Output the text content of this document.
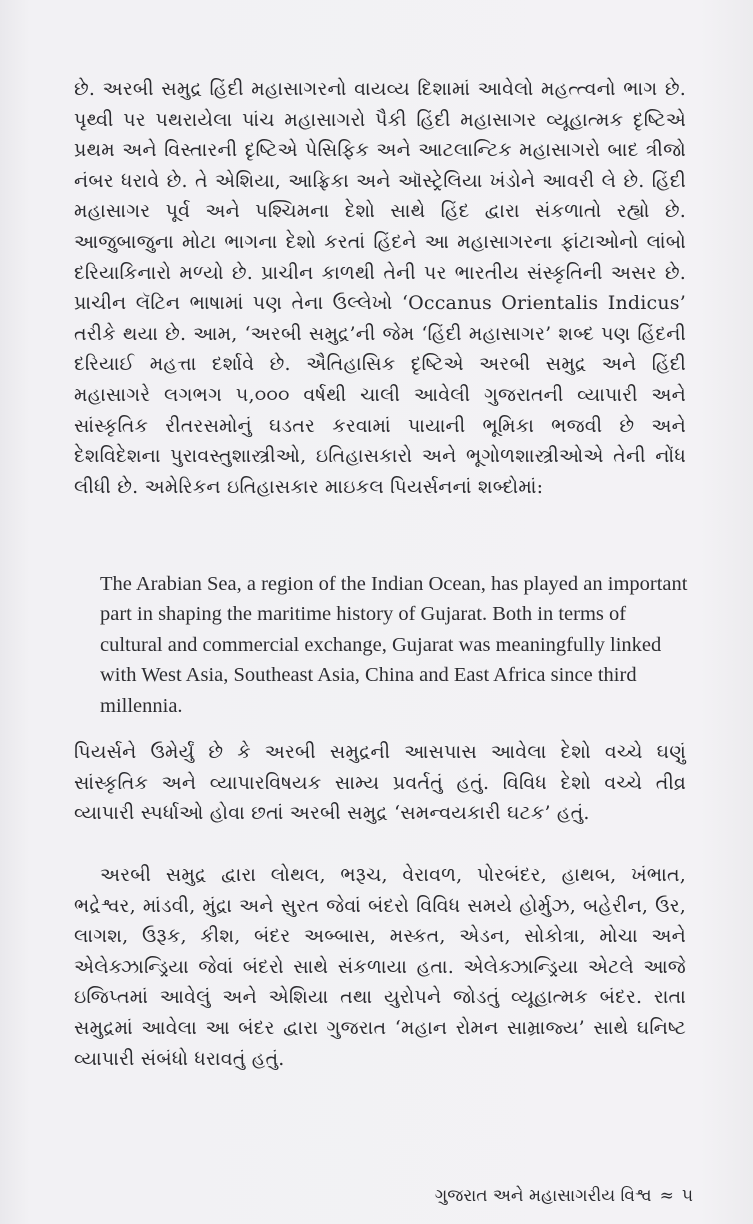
છે. અરબી સમુદ્ર હિંદી મહાસાગરનો વાયવ્ય દિશામાં આવેલો મહત્ત્વનો ભાગ છે. પૃથ્વી પર પથરાયેલા પાંચ મહાસાગરો પૈકી હિંદી મહાસાગર વ્યૂહાત્મક દૃષ્ટિએ પ્રથમ અને વિસ્તારની દૃષ્ટિએ પેસિફિક અને આટલાન્ટિક મહાસાગરો બાદ ત્રીજો નંબર ધરાવે છે. તે એશિયા, આફ્રિકા અને ઑસ્ટ્રેલિયા ખંડોને આવરી લે છે. હિંદી મહાસાગર પૂર્વ અને પશ્ચિમના દેશો સાથે હિંદ દ્વારા સંકળાતો રહ્યો છે. આજુબાજુના મોટા ભાગના દેશો કરતાં હિંદને આ મહાસાગરના ફાંટાઓનો લાંબો દરિયાકિનારો મળ્યો છે. પ્રાચીન કાળથી તેની પર ભારતીય સંસ્કૃતિની અસર છે. પ્રાચીન લૅટિન ભાષામાં પણ તેના ઉલ્લેખો ‘Occanus Orientalis Indicus’ તરીકે થયા છે. આમ, ‘અરબી સમુદ્ર’ની જેમ ‘હિંદી મહાસાગર’ શબ્દ પણ હિંદની દરિયાઈ મહત્તા દર્શાવે છે. ઐતિહાસિક દૃષ્ટિએ અરબી સમુદ્ર અને હિંદી મહાસાગરે લગભગ ૫,૦૦૦ વર્ષથી ચાલી આવેલી ગુજરાતની વ્યાપારી અને સાંસ્કૃતિક રીતરસમોનું ઘડતર કરવામાં પાયાની ભૂમિકા ભજવી છે અને દેશવિદેશના પુરાવસ્તુશાસ્ત્રીઓ, ઇતિહાસકારો અને ભૂગોળશાસ્ત્રીઓએ તેની નોંધ લીધી છે. અમેરિકન ઇતિહાસકાર માઇકલ પિયર્સનનાં શબ્દોમાં:

The Arabian Sea, a region of the Indian Ocean, has played an important part in shaping the maritime history of Gujarat. Both in terms of cultural and commercial exchange, Gujarat was meaningfully linked with West Asia, Southeast Asia, China and East Africa since third millennia.

પિયર્સને ઉમેર્યું છે કે અરબી સમુદ્રની આસપાસ આવેલા દેશો વચ્ચે ઘણું સાંસ્કૃતિક અને વ્યાપારવિષયક સામ્ય પ્રવર્તતું હતું. વિવિધ દેશો વચ્ચે તીવ્ર વ્યાપારી સ્પર્ધાઓ હોવા છતાં અરબી સમુદ્ર ‘સમન્વયકારી ઘટક’ હતું.

અરબી સમુદ્ર દ્વારા લોથલ, ભરૂચ, વેરાવળ, પોરબંદર, હાથબ, ખંભાત, ભદ્રેશ્વર, માંડવી, મુંદ્રા અને સુરત જેવાં બંદરો વિવિધ સમયે હોર્મુઝ, બહેરીન, ઉર, લાગશ, ઉરૂક, કીશ, બંદર અબ્બાસ, મસ્કત, એડન, સોકોત્રા, મોચા અને એલેક્ઝાન્ડ્રિયા જેવાં બંદરો સાથે સંકળાયા હતા. એલેક્ઝાન્ડ્રિયા એટલે આજે ઇજિપ્તમાં આવેલું અને એશિયા તથા યુરોપને જોડતું વ્યૂહાત્મક બંદર. રાતા સમુદ્રમાં આવેલા આ બંદર દ્વારા ગુજરાત ‘મહાન રોમન સામ્રાજ્ય’ સાથે ઘનિષ્ટ વ્યાપારી સંબંધો ધરાવતું હતું.

ગુજરાત અને મહાસાગરીય વિશ્વ ≈ ૫
